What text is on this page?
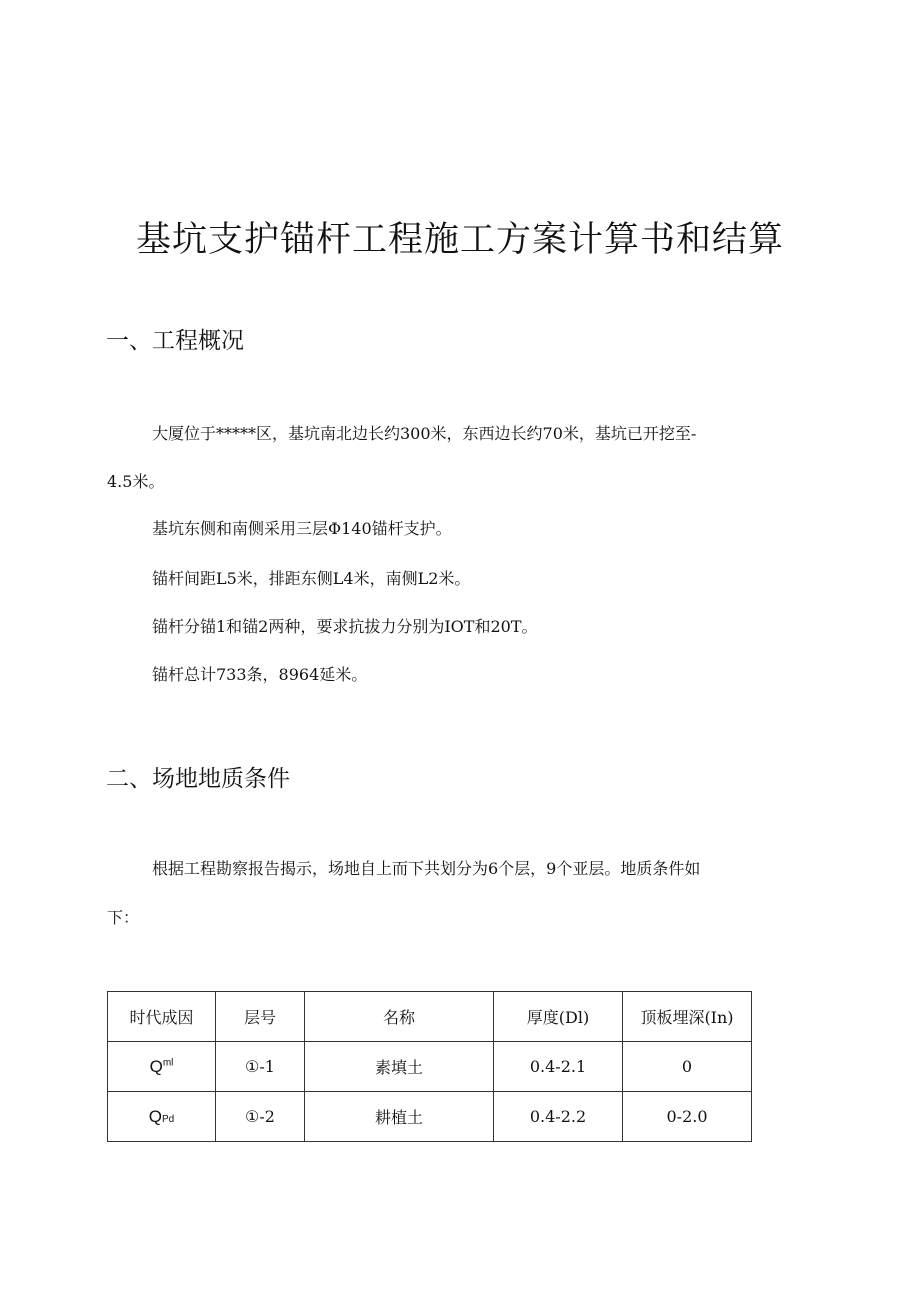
基坑支护锚杆工程施工方案计算书和结算
一、工程概况

大厦位于*****区，基坑南北边长约300米，东西边长约70米，基坑已开挖至-

4.5米。

基坑东侧和南侧采用三层Φ140锚杆支护。

锚杆间距L5米，排距东侧L4米，南侧L2米。

锚杆分锚1和锚2两种，要求抗拔力分别为IOT和20T。

锚杆总计733条，8964延米。

二、场地地质条件

根据工程勘察报告揭示，场地自上而下共划分为6个层，9个亚层。地质条件如

下：

时代成因	层号	名称	厚度(Dl)	顶板埋深(In)
$Q^{ml}$	①-1	素填土	0.4-2.1	0
QPd	①-2	耕植土	0.4-2.2	0-2.0
